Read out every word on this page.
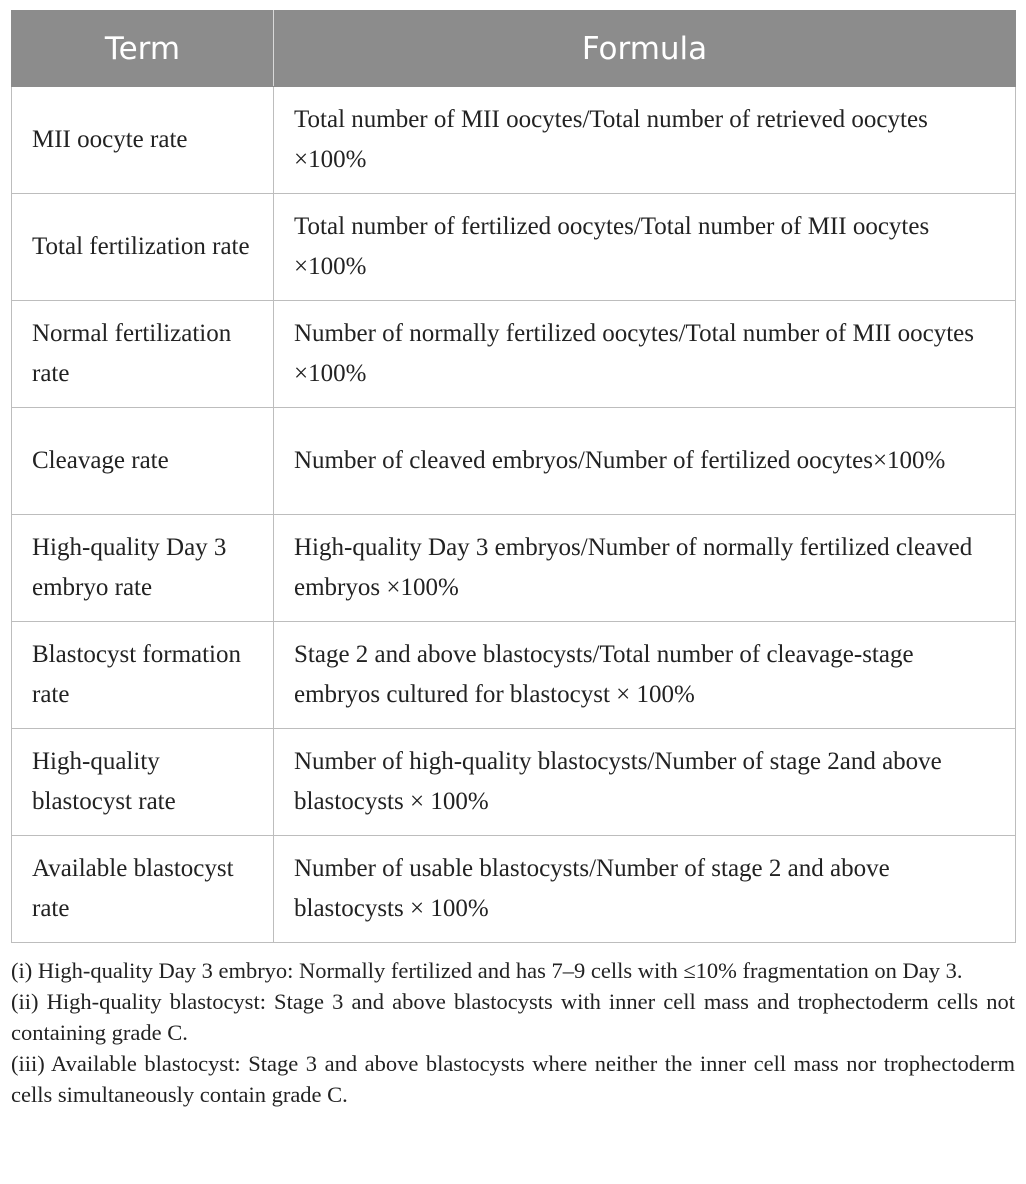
Term	Formula
MII oocyte rate	Total number of MII oocytes/Total number of retrieved oocytes ×100%
Total fertilization rate	Total number of fertilized oocytes/Total number of MII oocytes ×100%
Normal fertilization rate	Number of normally fertilized oocytes/Total number of MII oocytes ×100%
Cleavage rate	Number of cleaved embryos/Number of fertilized oocytes×100%
High-quality Day 3 embryo rate	High-quality Day 3 embryos/Number of normally fertilized cleaved embryos ×100%
Blastocyst formation rate	Stage 2 and above blastocysts/Total number of cleavage-stage embryos cultured for blastocyst × 100%
High-quality blastocyst rate	Number of high-quality blastocysts/Number of stage 2and above blastocysts × 100%
Available blastocyst rate	Number of usable blastocysts/Number of stage 2 and above blastocysts × 100%

(i) High-quality Day 3 embryo: Normally fertilized and has 7–9 cells with ≤10% fragmentation on Day 3.

(ii) High-quality blastocyst: Stage 3 and above blastocysts with inner cell mass and trophectoderm cells not containing grade C.

(iii) Available blastocyst: Stage 3 and above blastocysts where neither the inner cell mass nor trophectoderm cells simultaneously contain grade C.
